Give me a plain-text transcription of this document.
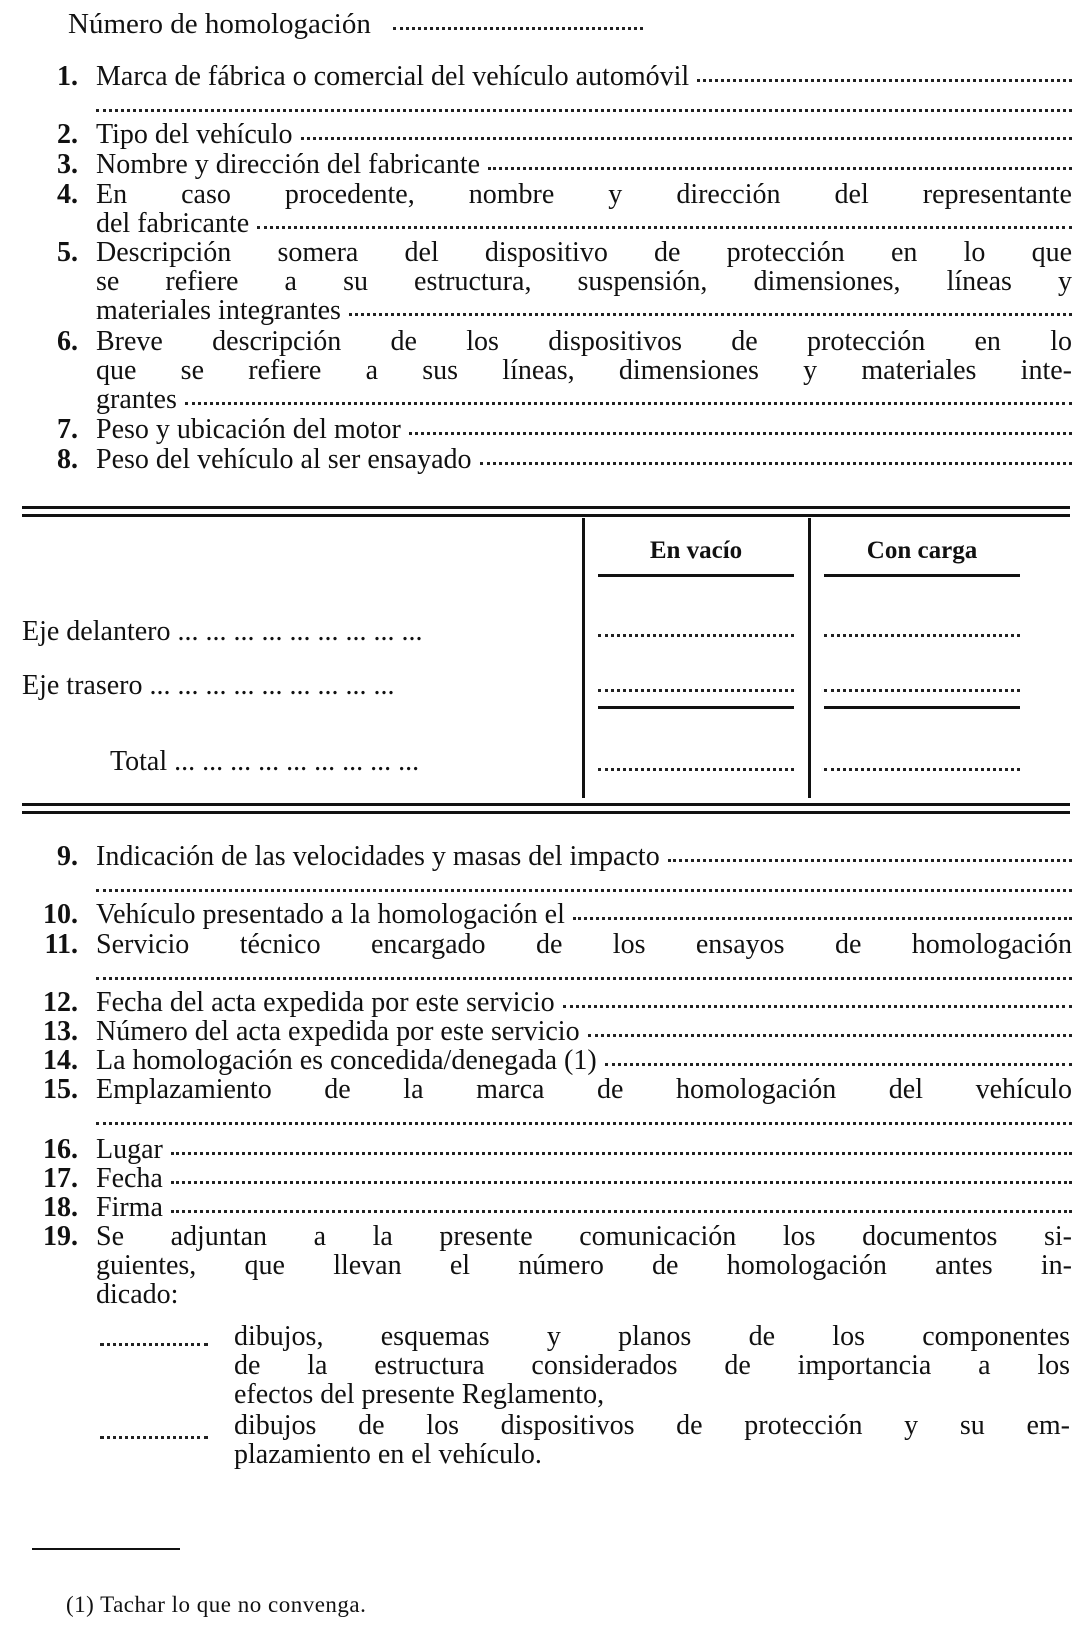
Número de homologación
1. Marca de fábrica o comercial del vehículo automóvil
2. Tipo del vehículo
3. Nombre y dirección del fabricante
4. En caso procedente, nombre y dirección del representante
del fabricante
5. Descripción somera del dispositivo de protección en lo que
se refiere a su estructura, suspensión, dimensiones, líneas y
materiales integrantes
6. Breve descripción de los dispositivos de protección en lo
que se refiere a sus líneas, dimensiones y materiales inte-
grantes
7. Peso y ubicación del motor
8. Peso del vehículo al ser ensayado
En vacío	Con carga
Eje delantero ... ... ... ... ... ... ... ... ...
Eje trasero ... ... ... ... ... ... ... ... ...
Total ... ... ... ... ... ... ... ... ...
9. Indicación de las velocidades y masas del impacto
10. Vehículo presentado a la homologación el
11. Servicio técnico encargado de los ensayos de homologación
12. Fecha del acta expedida por este servicio
13. Número del acta expedida por este servicio
14. La homologación es concedida/denegada (1)
15. Emplazamiento de la marca de homologación del vehículo
16. Lugar
17. Fecha
18. Firma
19. Se adjuntan a la presente comunicación los documentos si-
guientes, que llevan el número de homologación antes in-
dicado:
dibujos, esquemas y planos de los componentes
de la estructura considerados de importancia a los
efectos del presente Reglamento,
dibujos de los dispositivos de protección y su em-
plazamiento en el vehículo.
(1) Tachar lo que no convenga.
